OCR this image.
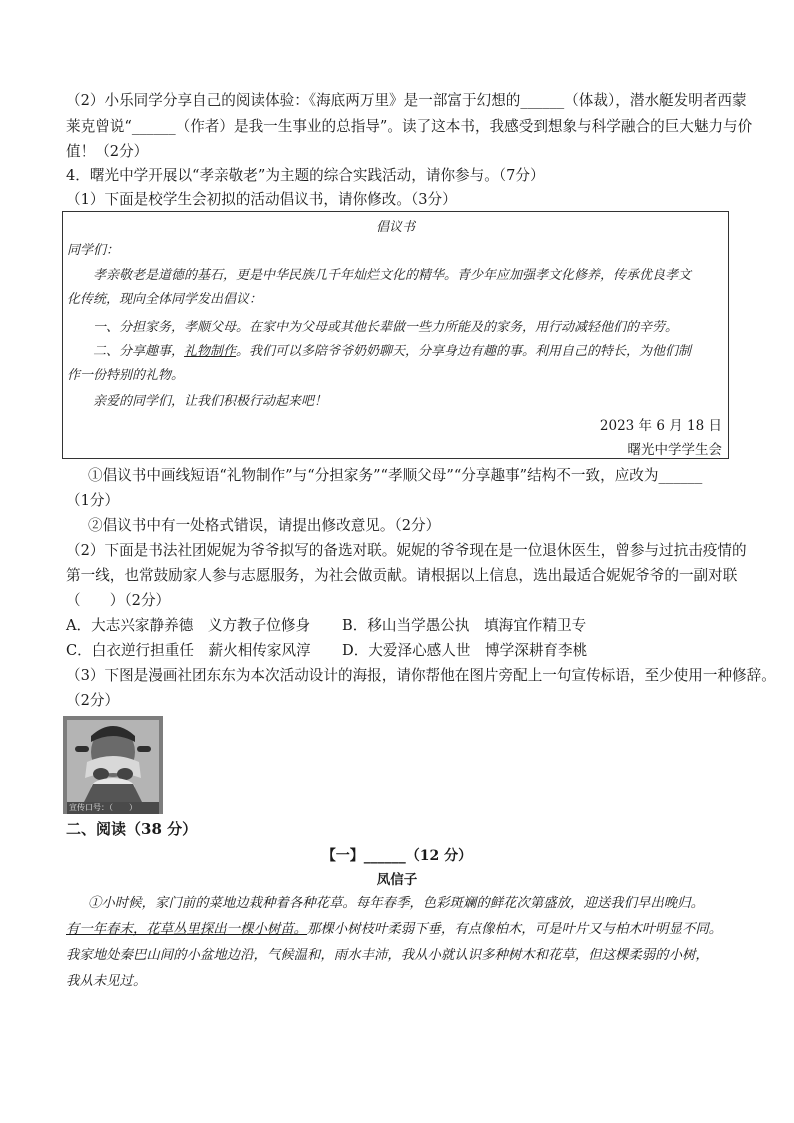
（2）小乐同学分享自己的阅读体验：《海底两万里》是一部富于幻想的______（体裁），潜水艇发明者西蒙
莱克曾说“______（作者）是我一生事业的总指导”。读了这本书，我感受到想象与科学融合的巨大魅力与价
值！（2分）
4．曙光中学开展以“孝亲敬老”为主题的综合实践活动，请你参与。（7分）
（1）下面是校学生会初拟的活动倡议书，请你修改。（3分）
倡议书
同学们：
孝亲敬老是道德的基石，更是中华民族几千年灿烂文化的精华。青少年应加强孝文化修养，传承优良孝文
化传统，现向全体同学发出倡议：
一、分担家务，孝顺父母。在家中为父母或其他长辈做一些力所能及的家务，用行动减轻他们的辛劳。
二、分享趣事，礼物制作。我们可以多陪爷爷奶奶聊天，分享身边有趣的事。利用自己的特长，为他们制
作一份特别的礼物。
亲爱的同学们，让我们积极行动起来吧！
2023 年 6 月 18 日
曙光中学学生会
①倡议书中画线短语“礼物制作”与“分担家务”“孝顺父母”“分享趣事”结构不一致，应改为______
（1分）
②倡议书中有一处格式错误，请提出修改意见。（2分）
（2）下面是书法社团妮妮为爷爷拟写的备选对联。妮妮的爷爷现在是一位退休医生，曾参与过抗击疫情的
第一线，也常鼓励家人参与志愿服务，为社会做贡献。请根据以上信息，选出最适合妮妮爷爷的一副对联
（　　）（2分）
A．大志兴家静养德　义方教子位修身 B．移山当学愚公执　填海宜作精卫专
C．白衣逆行担重任　薪火相传家风淳 D．大爱泽心感人世　博学深耕育李桃
（3）下图是漫画社团东东为本次活动设计的海报，请你帮他在图片旁配上一句宣传标语，至少使用一种修辞。
（2分）
宣传口号：（　　）
二、阅读（38 分）
【一】______（12 分）
凤信子
①小时候，家门前的菜地边栽种着各种花草。每年春季，色彩斑斓的鲜花次第盛放，迎送我们早出晚归。
有一年春末，花草丛里探出一棵小树苗。那棵小树枝叶柔弱下垂，有点像柏木，可是叶片又与柏木叶明显不同。
我家地处秦巴山间的小盆地边沿，气候温和，雨水丰沛，我从小就认识多种树木和花草，但这棵柔弱的小树，
我从未见过。
